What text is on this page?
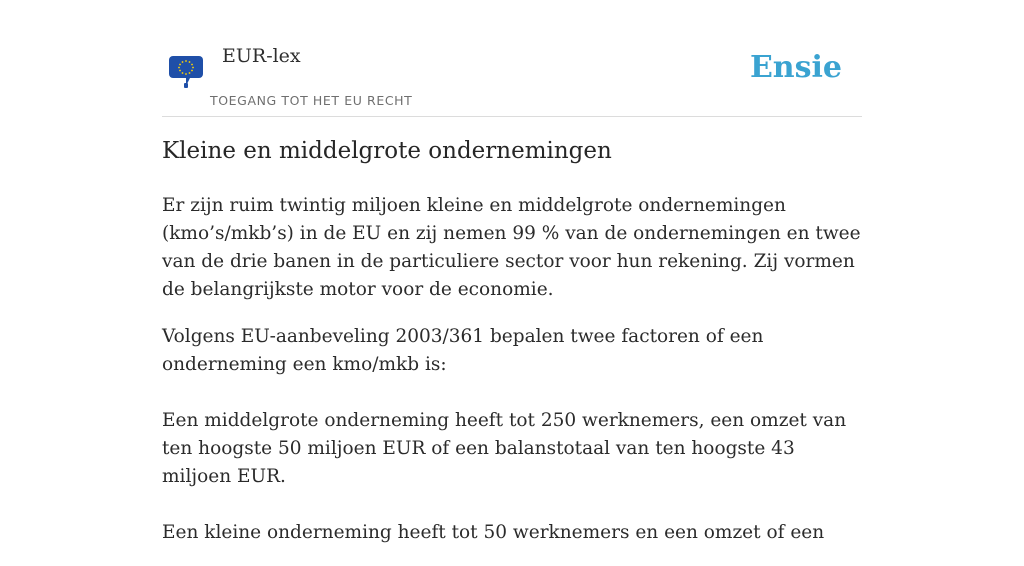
EUR-lex
TOEGANG TOT HET EU RECHT
Ensie
Kleine en middelgrote ondernemingen

Er zijn ruim twintig miljoen kleine en middelgrote ondernemingen (kmo’s/mkb’s) in de EU en zij nemen 99 % van de ondernemingen en twee van de drie banen in de particuliere sector voor hun rekening. Zij vormen de belangrijkste motor voor de economie.

Volgens EU-aanbeveling 2003/361 bepalen twee factoren of een onderneming een kmo/mkb is:

Een middelgrote onderneming heeft tot 250 werknemers, een omzet van ten hoogste 50 miljoen EUR of een balanstotaal van ten hoogste 43 miljoen EUR.

Een kleine onderneming heeft tot 50 werknemers en een omzet of een
